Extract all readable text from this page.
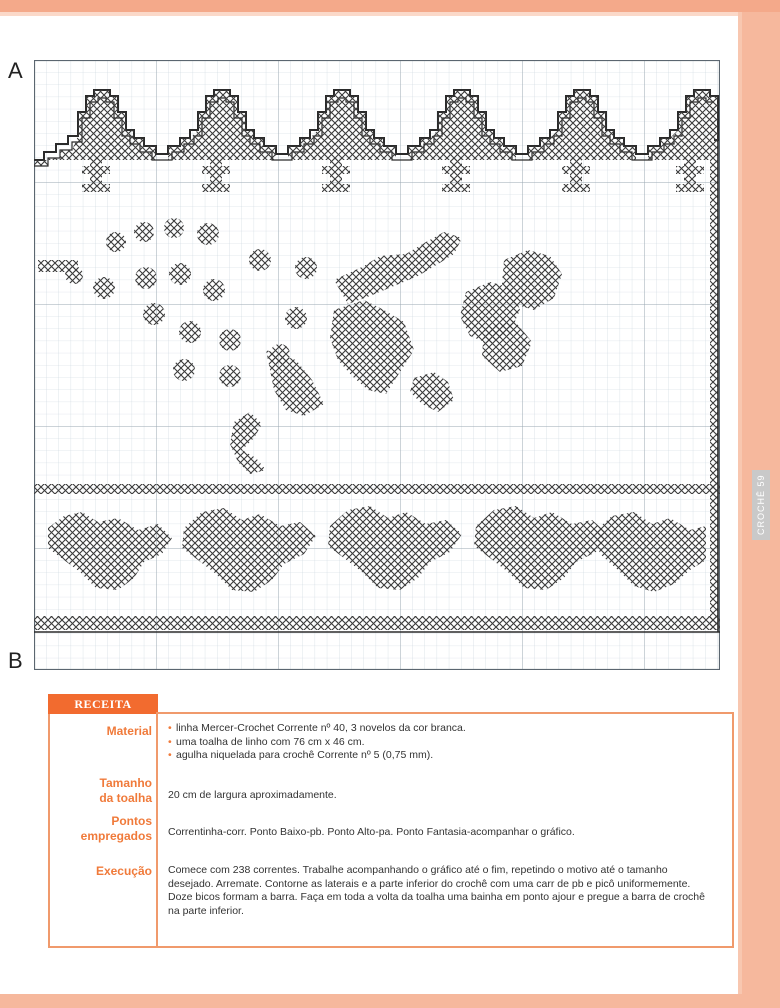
CROCHÊ 59
A
B
RECEITA
Material
•	linha Mercer-Crochet Corrente nº 40, 3 novelos da cor branca.
• uma toalha de linho com 76 cm x 46 cm.
• agulha niquelada para crochê Corrente nº 5 (0,75 mm).
Tamanho
da toalha 20 cm de largura aproximadamente.
Pontos
empregados Correntinha-corr. Ponto Baixo-pb. Ponto Alto-pa. Ponto Fantasia-acompanhar o gráfico.
Execução Comece com 238 correntes. Trabalhe acompanhando o gráfico até o fim, repetindo o motivo até o tamanho desejado. Arremate. Contorne as laterais e a parte inferior do crochê com uma carr de pb e picô uniformemente. Doze bicos formam a barra. Faça em toda a volta da toalha uma bainha em ponto ajour e pregue a barra de crochê na parte inferior.
